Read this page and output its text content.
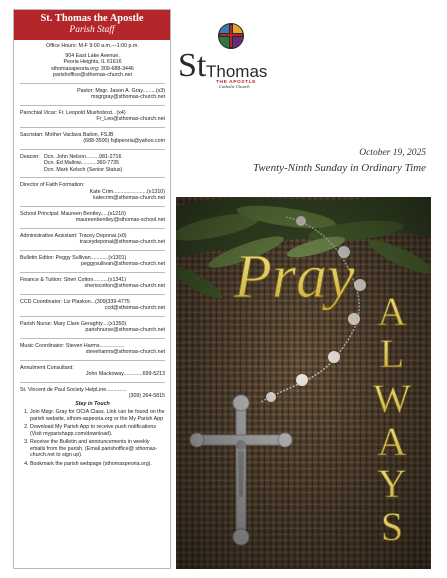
St. Thomas the Apostle
Parish Staff
Office Hours: M-F 9:00 a.m.—1:00 p.m.
904 East Lake Avenue,
Peoria Heights, IL 61616
sthomasapeoria.org: 309-688-3446
parishoffice@sthomas-church.net
Pastor: Msgr. Jason A. Gray.........(x3)
msgrgray@sthomas-church.net
Parochial Vicar: Fr. Leopold Mushobozi.. (x4)
Fr_Leo@sthomas-church.net
Sacristan: Mother Vaclava Bailon, FSJB
(688-3500) fsjbpeoria@yahoo.com
Deacon: Dcn. John Nelson.........981-2716
Dcn. Ed Mallow...........360-7735
Dcn. Mark Kelsch (Senior Status)
Director of Faith Formation:
Kate Crim.......................(x1310)
katecrim@sthomas-church.net
School Principal: Maureen Bentley.....(x1210)
maureenbentley@sthomas-school.net
Administrative Assistant: Tracey Deponai.(x0)
traceydeponai@sthomas-church.net
Bulletin Editor: Peggy Sullivan............(x1301)
peggysullivan@sthomas-church.net
Finance & Tuition: Sheri Cotton..........(x1341)
sheriscotton@sthomas-church.net
CCD Coordinator: Liz Plaskon...(309)339-4775
ccd@sthomas-church.net
Parish Nurse: Mary Clare Geraghty....(x1350)
parishnurse@sthomas-church.net
Music Coordinator: Steven Harms.................
stevehamrs@sthomas-church.net
Annulment Consultant:
John Mackoway.............699-5213
St. Vincent de Paul Society HelpLine..............
(309) 264-5815
Stay in Touch
1. Join Msgr. Gray for OCIA Class. Link can be found on the parish website, sthom-aspeoria.org or the My Parish App
2. Download My Parish App to receive push notifications (Visit myparishapp.com/download).
3. Receive the Bulletin and announcements in weekly emails from the parish. (Email parishoffice@ sthomas-church.net to sign up).
4. Bookmark the parish webpage (sthomaspeoria.org).
St Thomas
THE APOSTLE
Catholic Church
October 19, 2025
Twenty-Ninth Sunday in Ordinary Time
Pray
A
L
W
A
Y
S
